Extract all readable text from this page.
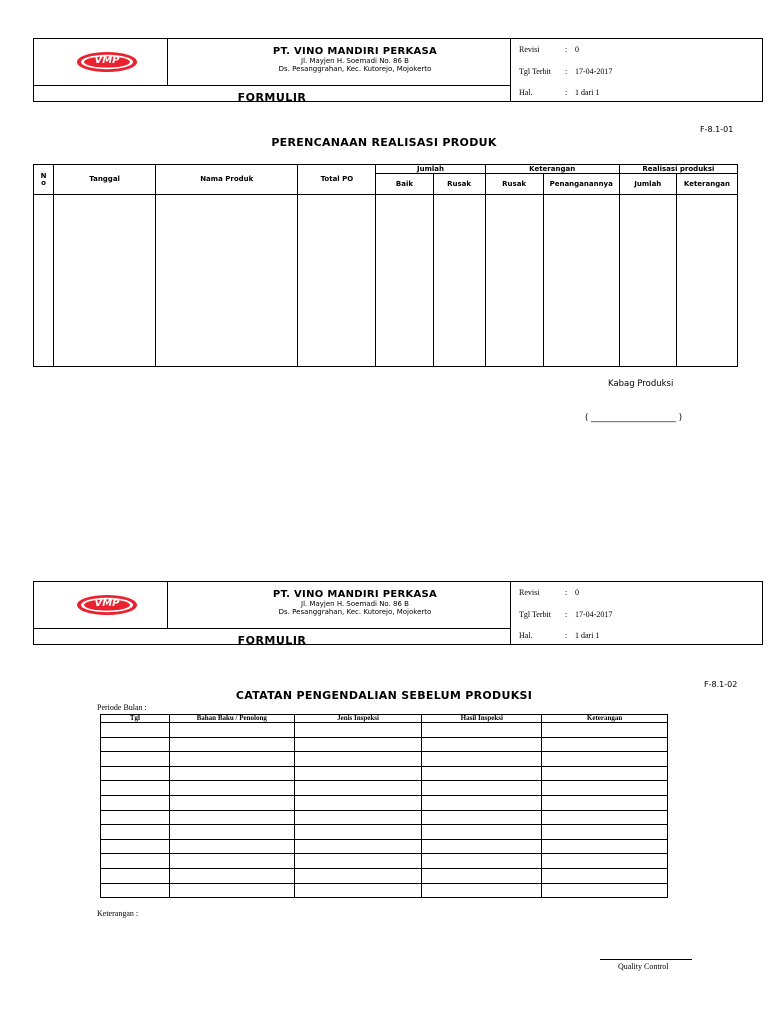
VMP
PT. VINO MANDIRI PERKASA
Jl. Mayjen H. Soemadi No. 86 B
Ds. Pesanggrahan, Kec. Kutorejo, Mojokerto
FORMULIR
Revisi	: 0
Tgl Terbit : 17-04-2017
Hal.	: 1 dari 1
F-8.1-01
PERENCANAAN REALISASI PRODUK
N o	Tanggal	Nama Produk	Total PO	Jumlah		Keterangan		Realisasi produksi	
				Baik	Rusak	Rusak	Penanganannya	Jumlah	Keterangan

Kabag Produksi
( ____________________ )
VMP
PT. VINO MANDIRI PERKASA
Jl. Mayjen H. Soemadi No. 86 B
Ds. Pesanggrahan, Kec. Kutorejo, Mojokerto
FORMULIR
Revisi	: 0
Tgl Terbit : 17-04-2017
Hal.	: 1 dari 1
F-8.1-02
CATATAN PENGENDALIAN SEBELUM PRODUKSI
Periode Bulan :
Tgl	Bahan Baku / Penolong	Jenis Inspeksi	Hasil Inspeksi	Keterangan

Keterangan :
Quality Control
